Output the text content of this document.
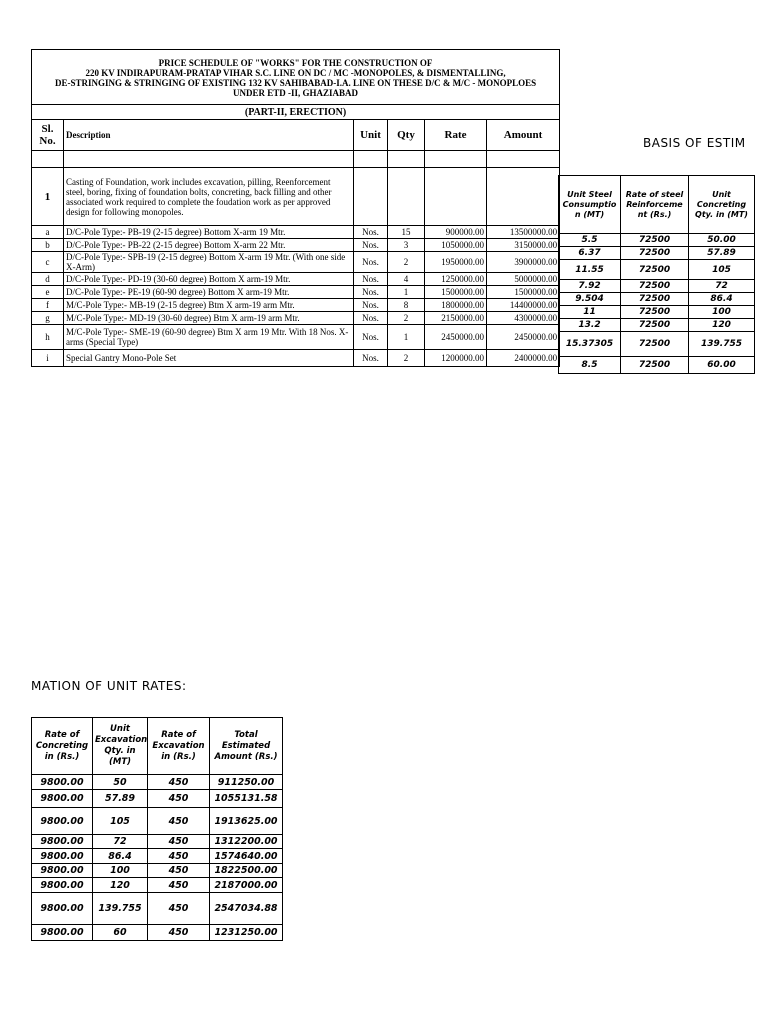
PRICE SCHEDULE OF "WORKS" FOR THE CONSTRUCTION OF
220 KV INDIRAPURAM-PRATAP VIHAR S.C. LINE ON DC / MC -MONOPOLES, & DISMENTALLING,
DE-STRINGING & STRINGING OF EXISTING 132 KV SAHIBABAD-I.A. LINE ON THESE D/C & M/C - MONOPLOES
UNDER ETD -II, GHAZIABAD					

(PART-II, ERECTION)					
Sl. No.	Description	Unit	Qty	Rate	Amount

1	Casting of Foundation, work includes excavation, pilling, Reenforcement steel, boring, fixing of foundation bolts, concreting, back filling and other associated work required to complete the foudation work as per approved design for following monopoles.				
a	D/C-Pole Type:- PB-19 (2-15 degree) Bottom X-arm 19 Mtr.	Nos.	15	900000.00	13500000.00
b	D/C-Pole Type:- PB-22 (2-15 degree) Bottom X-arm 22 Mtr.	Nos.	3	1050000.00	3150000.00
c	D/C-Pole Type:- SPB-19 (2-15 degree) Bottom X-arm 19 Mtr. (With one side X-Arm)	Nos.	2	1950000.00	3900000.00
d	D/C-Pole Type:- PD-19 (30-60 degree) Bottom X arm-19 Mtr.	Nos.	4	1250000.00	5000000.00
e	D/C-Pole Type:- PE-19 (60-90 degree) Bottom X arm-19 Mtr.	Nos.	1	1500000.00	1500000.00
f	M/C-Pole Type:- MB-19 (2-15 degree) Btm X arm-19 arm Mtr.	Nos.	8	1800000.00	14400000.00
g	M/C-Pole Type:- MD-19 (30-60 degree) Btm X arm-19 arm Mtr.	Nos.	2	2150000.00	4300000.00
h	M/C-Pole Type:- SME-19 (60-90 degree) Btm X arm 19 Mtr. With 18 Nos. X-arms (Special Type)	Nos.	1	2450000.00	2450000.00
i	Special Gantry Mono-Pole Set	Nos.	2	1200000.00	2400000.00
BASIS OF ESTIM
Unit Steel Consumptio n (MT)	Rate of steel Reinforceme nt (Rs.)	Unit Concreting Qty. in (MT)
5.5	72500	50.00
6.37	72500	57.89
11.55	72500	105
7.92	72500	72
9.504	72500	86.4
11	72500	100
13.2	72500	120
15.37305	72500	139.755
8.5	72500	60.00
MATION OF UNIT RATES:
Rate of Concreting in (Rs.)	Unit Excavation Qty. in (MT)	Rate of Excavation in (Rs.)	Total Estimated Amount (Rs.)
9800.00	50	450	911250.00
9800.00	57.89	450	1055131.58
9800.00	105	450	1913625.00
9800.00	72	450	1312200.00
9800.00	86.4	450	1574640.00
9800.00	100	450	1822500.00
9800.00	120	450	2187000.00
9800.00	139.755	450	2547034.88
9800.00	60	450	1231250.00
